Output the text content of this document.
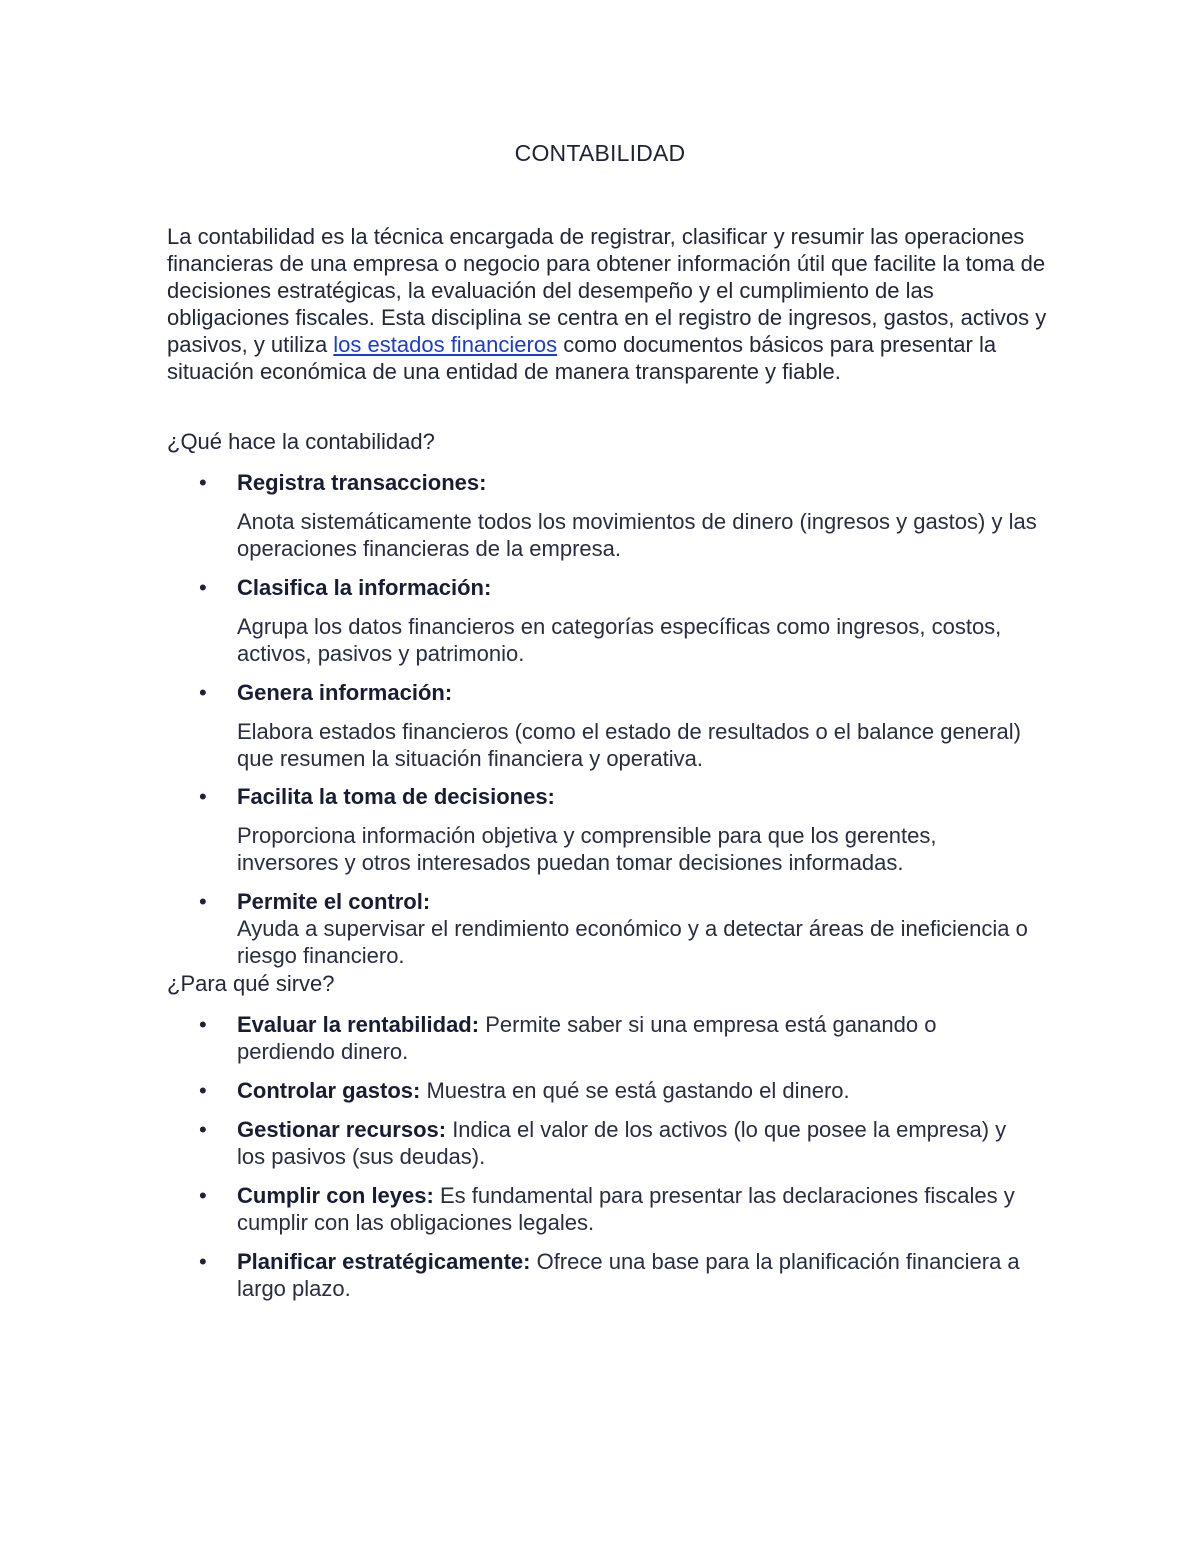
CONTABILIDAD

La contabilidad es la técnica encargada de registrar, clasificar y resumir las operaciones financieras de una empresa o negocio para obtener información útil que facilite la toma de decisiones estratégicas, la evaluación del desempeño y el cumplimiento de las obligaciones fiscales. Esta disciplina se centra en el registro de ingresos, gastos, activos y pasivos, y utiliza los estados financieros como documentos básicos para presentar la situación económica de una entidad de manera transparente y fiable.

¿Qué hace la contabilidad?

• Registra transacciones:
Anota sistemáticamente todos los movimientos de dinero (ingresos y gastos) y las operaciones financieras de la empresa.
• Clasifica la información:
Agrupa los datos financieros en categorías específicas como ingresos, costos, activos, pasivos y patrimonio.
• Genera información:
Elabora estados financieros (como el estado de resultados o el balance general) que resumen la situación financiera y operativa.
• Facilita la toma de decisiones:
Proporciona información objetiva y comprensible para que los gerentes, inversores y otros interesados puedan tomar decisiones informadas.
• Permite el control:
Ayuda a supervisar el rendimiento económico y a detectar áreas de ineficiencia o riesgo financiero.

¿Para qué sirve?

• Evaluar la rentabilidad: Permite saber si una empresa está ganando o perdiendo dinero.
• Controlar gastos: Muestra en qué se está gastando el dinero.
• Gestionar recursos: Indica el valor de los activos (lo que posee la empresa) y los pasivos (sus deudas).
• Cumplir con leyes: Es fundamental para presentar las declaraciones fiscales y cumplir con las obligaciones legales.
• Planificar estratégicamente: Ofrece una base para la planificación financiera a largo plazo.
